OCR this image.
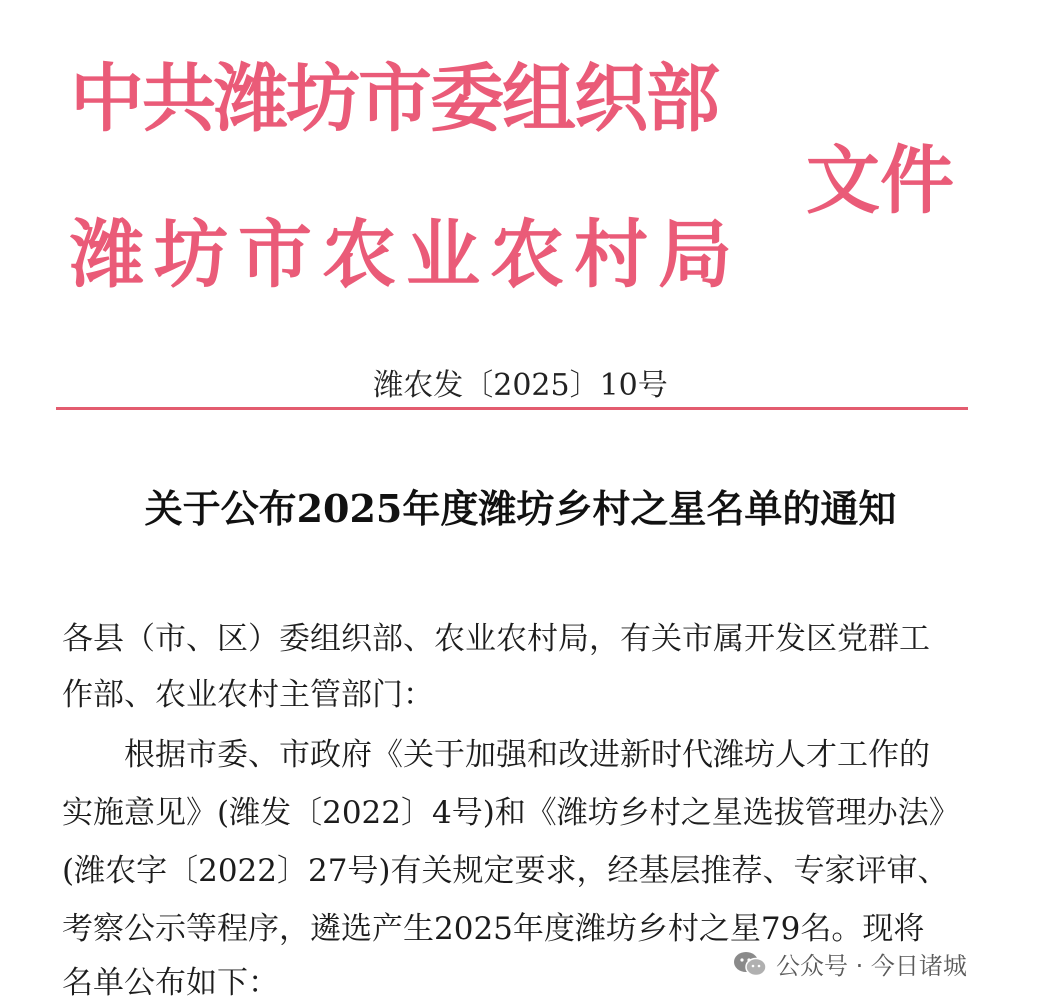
中共潍坊市委组织部
潍坊市农业农村局
文件
潍农发〔2025〕10号
关于公布2025年度潍坊乡村之星名单的通知
各县（市、区）委组织部、农业农村局，有关市属开发区党群工
作部、农业农村主管部门：
根据市委、市政府《关于加强和改进新时代潍坊人才工作的
实施意见》(潍发〔2022〕4号)和《潍坊乡村之星选拔管理办法》
(潍农字〔2022〕27号)有关规定要求，经基层推荐、专家评审、
考察公示等程序，遴选产生2025年度潍坊乡村之星79名。现将
名单公布如下：	公众号 · 今日诸城
